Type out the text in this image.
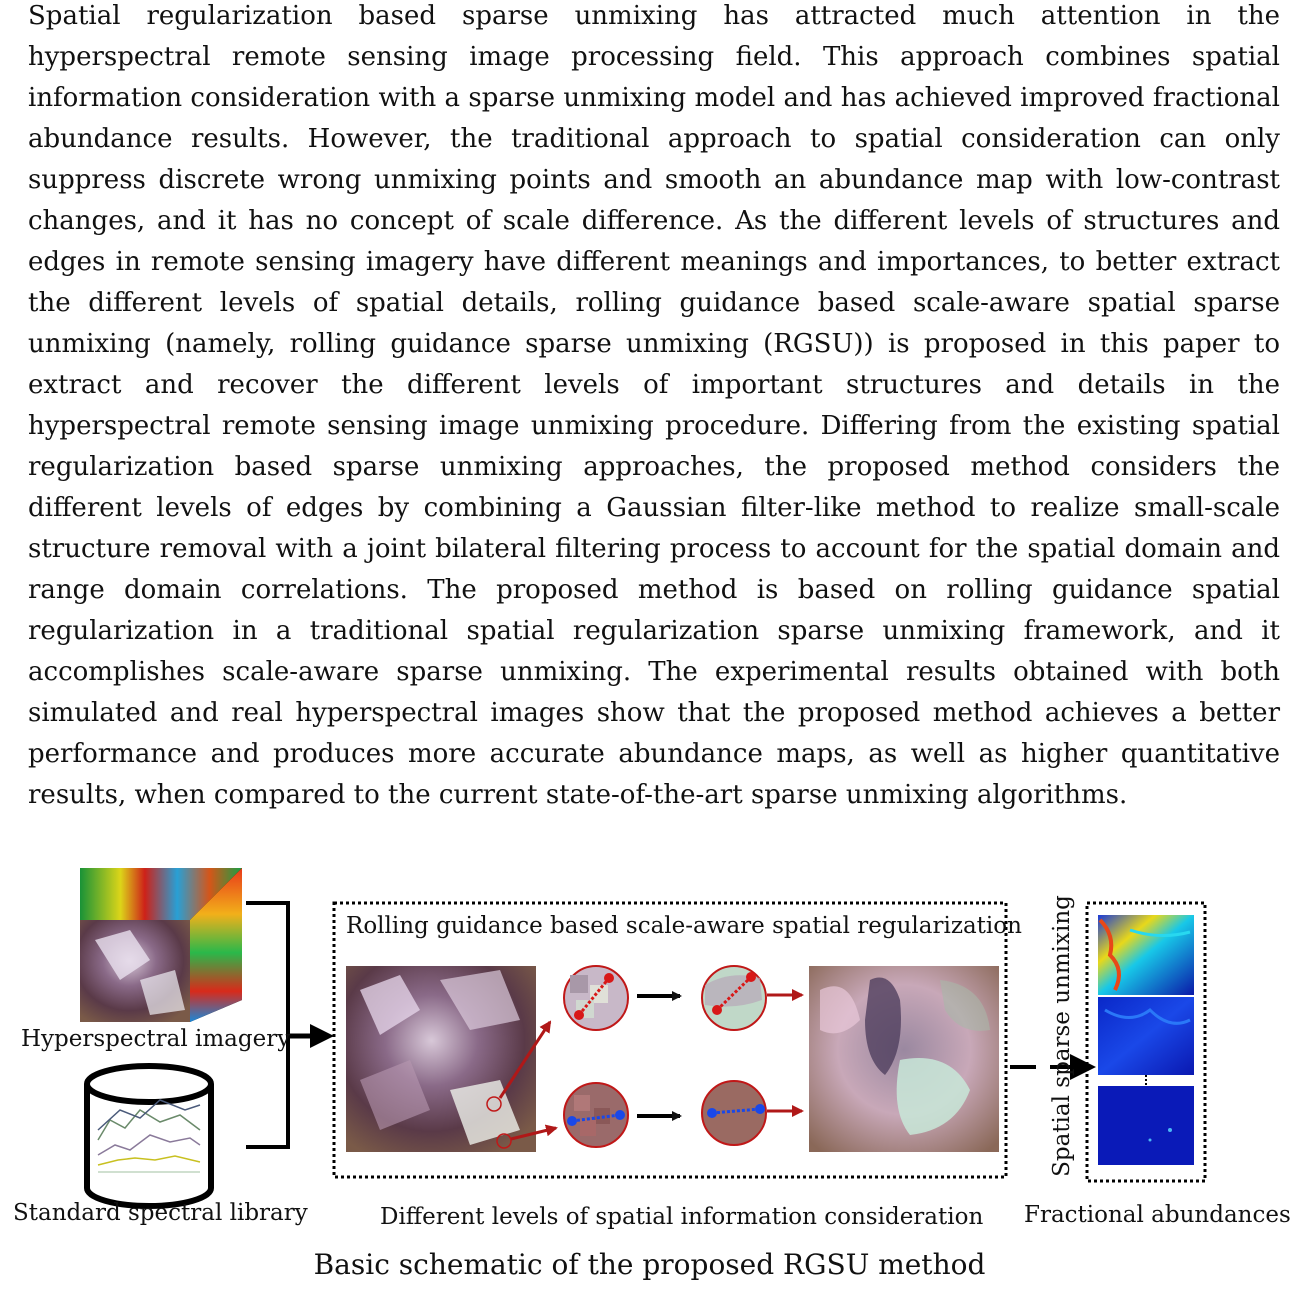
Spatial regularization based sparse unmixing has attracted much attention in the hyperspectral remote sensing image processing field. This approach combines spatial information consideration with a sparse unmixing model and has achieved improved fractional abundance results. However, the traditional approach to spatial consideration can only suppress discrete wrong unmixing points and smooth an abundance map with low-contrast changes, and it has no concept of scale difference. As the different levels of structures and edges in remote sensing imagery have different meanings and importances, to better extract the different levels of spatial details, rolling guidance based scale-aware spatial sparse unmixing (namely, rolling guidance sparse unmixing (RGSU)) is proposed in this paper to extract and recover the different levels of important structures and details in the hyperspectral remote sensing image unmixing procedure. Differing from the existing spatial regularization based sparse unmixing approaches, the proposed method considers the different levels of edges by combining a Gaussian filter-like method to realize small-scale structure removal with a joint bilateral filtering process to account for the spatial domain and range domain correlations. The proposed method is based on rolling guidance spatial regularization in a traditional spatial regularization sparse unmixing framework, and it accomplishes scale-aware sparse unmixing. The experimental results obtained with both simulated and real hyperspectral images show that the proposed method achieves a better performance and produces more accurate abundance maps, as well as higher quantitative results, when compared to the current state-of-the-art sparse unmixing algorithms.

Hyperspectral imagery
Standard spectral library
Rolling guidance based scale-aware spatial regularization
Different levels of spatial information consideration
Spatial sparse unmixing
Fractional abundances
Basic schematic of the proposed RGSU method
